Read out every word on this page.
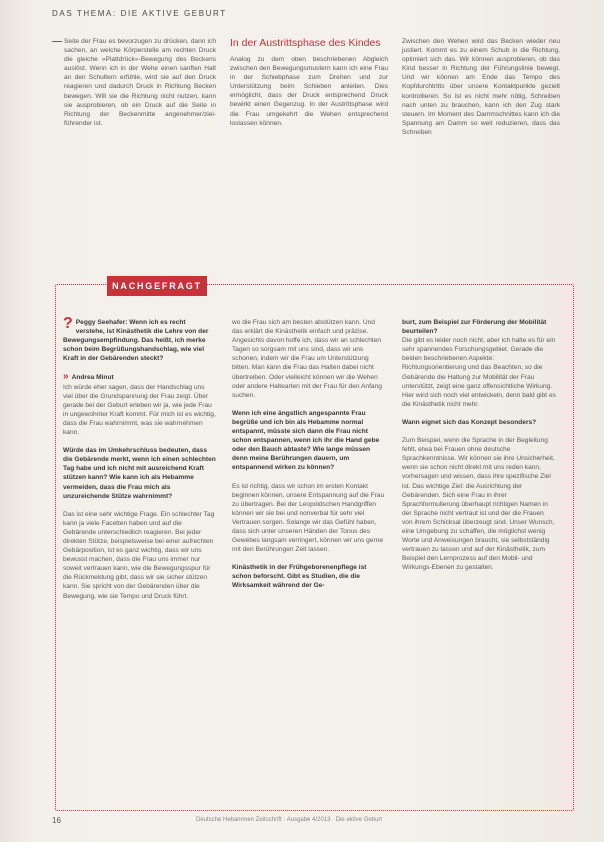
DAS THEMA: DIE AKTIVE GEBURT

Seite der Frau es bevorzugen zu drücken, dann ich sachen, an welche Körperstelle am rechten Druck die gleiche »Plattdrück«-Bewegung des Beckens auslöst. Wenn ich in der Wehe einen sanften Halt an den Schultern erfühle, wird sie auf den Druck reagieren und dadurch Druck in Richtung Becken bewegen. Will sie die Richtung nicht nutzen, kann sie ausprobieren, ob ein Druck auf die Seite in Richtung der Beckenmitte angenehmer/ziel- führender ist.

In der Austrittsphase des Kindes

Analog zu dem oben beschriebenen Abgleich zwischen den Bewegungsmustern kann ich eine Frau in der Schiebphase zum Drehen und zur Unterstützung beim Schieben anleiten. Dies ermöglicht, dass der Druck entsprechend Druck bewirkt einen Gegenzug. In der Austrittsphase wird die Frau umgekehrt die Wehen entsprechend loslassen können.

Zwischen den Wehen wird das Becken wieder neu justiert. Kommt es zu einem Schub in die Richtung, optimiert sich das. Wir können ausprobieren, ob das Kind besser in Richtung der Führungslinie bewegt. Und wir können am Ende das Tempo des Kopfdurchtritts über unsere Kontaktpunkte gezielt kontrollieren. So ist es nicht mehr nötig, Schreiben nach unten zu brauchen, kann ich den Zug stark steuern. Im Moment des Dammschnittes kann ich die Spannung am Damm so weit reduzieren, dass das Schreiben

NACHGEFRAGT
? Peggy Seehafer: Wenn ich es recht verstehe, ist Kinästhetik die Lehre von der Bewegungsempfindung. Das heißt, ich merke schon beim Begrüßungshandschlag, wie viel Kraft in der Gebärenden steckt?
» Andrea Minut
Ich würde eher sagen, dass der Handschlag uns viel über die Grundspannung der Frau zeigt. Über gerade bei der Geburt erleben wir ja, wie jede Frau in ungewohnter Kraft kommt. Für mich ist es wichtig, dass die Frau wahrnimmt, was sie wahrnehmen kann.
Würde das im Umkehrschluss bedeuten, dass die Gebärende merkt, wenn ich einen schlechten Tag habe und ich nicht mit ausreichend Kraft stützen kann? Wie kann ich als Hebamme vermeiden, dass die Frau mich als unzureichende Stütze wahrnimmt?
Das ist eine sehr wichtige Frage. Ein schlechter Tag kann ja viele Facetten haben und auf die Gebärende unterschiedlich reagieren. Bei jeder direkten Stütze, beispielsweise bei einer aufrechten Gebärposition, ist es ganz wichtig, dass wir uns bewusst machen, dass die Frau uns immer nur soweit vertrauen kann, wie die Bewegungsspur für die Rückmeldung gibt, dass wir sie sicher stützen kann. Sie spricht von der Gebärenden über die Bewegung, wie sie Tempo und Druck führt.
wo die Frau sich am besten abstützen kann. Und das erklärt die Kinästhetik einfach und präzise. Angesichts davon hoffe ich, dass wir an schlechten Tagen so sorgsam mit uns sind, dass wir uns schonen, indem wir die Frau um Unterstützung bitten. Man kann die Frau das Halten dabei nicht übertreiben. Oder vielleicht können wir die Wehen oder andere Haltearten mit der Frau für den Anfang suchen.
Wenn ich eine ängstlich angespannte Frau begrüße und ich bin als Hebamme normal entspannt, müsste sich dann die Frau nicht schon entspannen, wenn ich ihr die Hand gebe oder den Bauch abtaste? Wie lange müssen denn meine Berührungen dauern, um entspannend wirken zu können?
Es ist richtig, dass wir schon im ersten Kontakt beginnen können, unsere Entspannung auf die Frau zu übertragen. Bei der Leopoldschen Handgriffen können wir sie bei und nonverbal für sehr viel Vertrauen sorgen. Solange wir das Gefühl haben, dass sich unter unseren Händen der Tonus des Gewebes langsam verringert, können wir uns gerne mit den Berührungen Zeit lassen.
Kinästhetik in der Frühgeborenenpflege ist schon beforscht. Gibt es Studien, die die Wirksamkeit während der Ge-
burt, zum Beispiel zur Förderung der Mobilität beurteilen?
Die gibt es leider noch nicht, aber ich halte es für ein sehr spannendes Forschungsgebiet. Gerade die beiden beschriebenen Aspekte: Richtungsorientierung und das Beachten, so die Gebärende die Haltung zur Mobilität der Frau unterstützt, zeigt eine ganz offensichtliche Wirkung. Hier wird sich noch viel entwickeln, denn bald gibt es die Kinästhetik nicht mehr.
Wann eignet sich das Konzept besonders?
Zum Beispiel, wenn die Sprache in der Begleitung fehlt, etwa bei Frauen ohne deutsche Sprachkenntnisse. Wir können sie ihre Unsicherheit, wenn sie schon nicht direkt mit uns reden kann, vorhersagen und wissen, dass ihre spezifische Ziel ist. Das wichtige Ziel: die Ausrichtung der Gebärenden. Sich eine Frau in ihrer Sprachformulierung überhaupt richtigen Namen in der Sprache nicht vertraut ist und der die Frauen von ihrem Schicksal überzeugt sind. Unser Wunsch, eine Umgebung zu schaffen, die möglichst wenig Worte und Anweisungen braucht, sie selbstständig vertrauen zu lassen und auf der Kinästhetik, zum Beispiel den Lernprozess auf den Mobil- und Wirkungs-Ebenen zu gestalten.
16	Deutsche Hebammen Zeitschrift · Ausgabe 4/2013 · Die aktive Geburt
